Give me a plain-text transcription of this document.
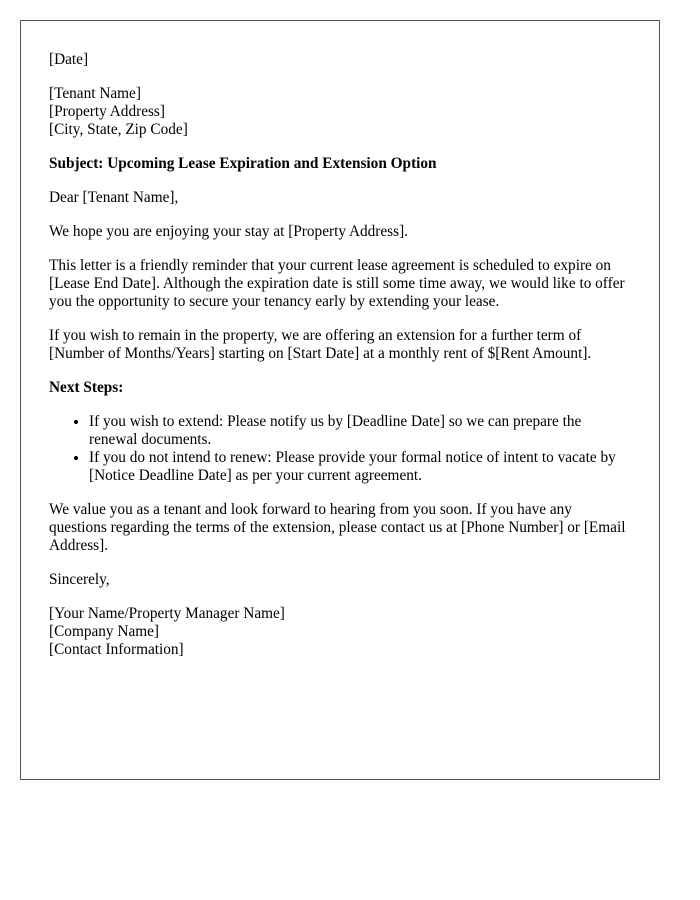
[Date]
[Tenant Name]
[Property Address]
[City, State, Zip Code]

Subject: Upcoming Lease Expiration and Extension Option

Dear [Tenant Name],

We hope you are enjoying your stay at [Property Address].

This letter is a friendly reminder that your current lease agreement is scheduled to expire on [Lease End Date]. Although the expiration date is still some time away, we would like to offer you the opportunity to secure your tenancy early by extending your lease.

If you wish to remain in the property, we are offering an extension for a further term of [Number of Months/Years] starting on [Start Date] at a monthly rent of $[Rent Amount].

Next Steps:

• If you wish to extend: Please notify us by [Deadline Date] so we can prepare the renewal documents.
• If you do not intend to renew: Please provide your formal notice of intent to vacate by [Notice Deadline Date] as per your current agreement.

We value you as a tenant and look forward to hearing from you soon. If you have any questions regarding the terms of the extension, please contact us at [Phone Number] or [Email Address].

Sincerely,

[Your Name/Property Manager Name]
[Company Name]
[Contact Information]
